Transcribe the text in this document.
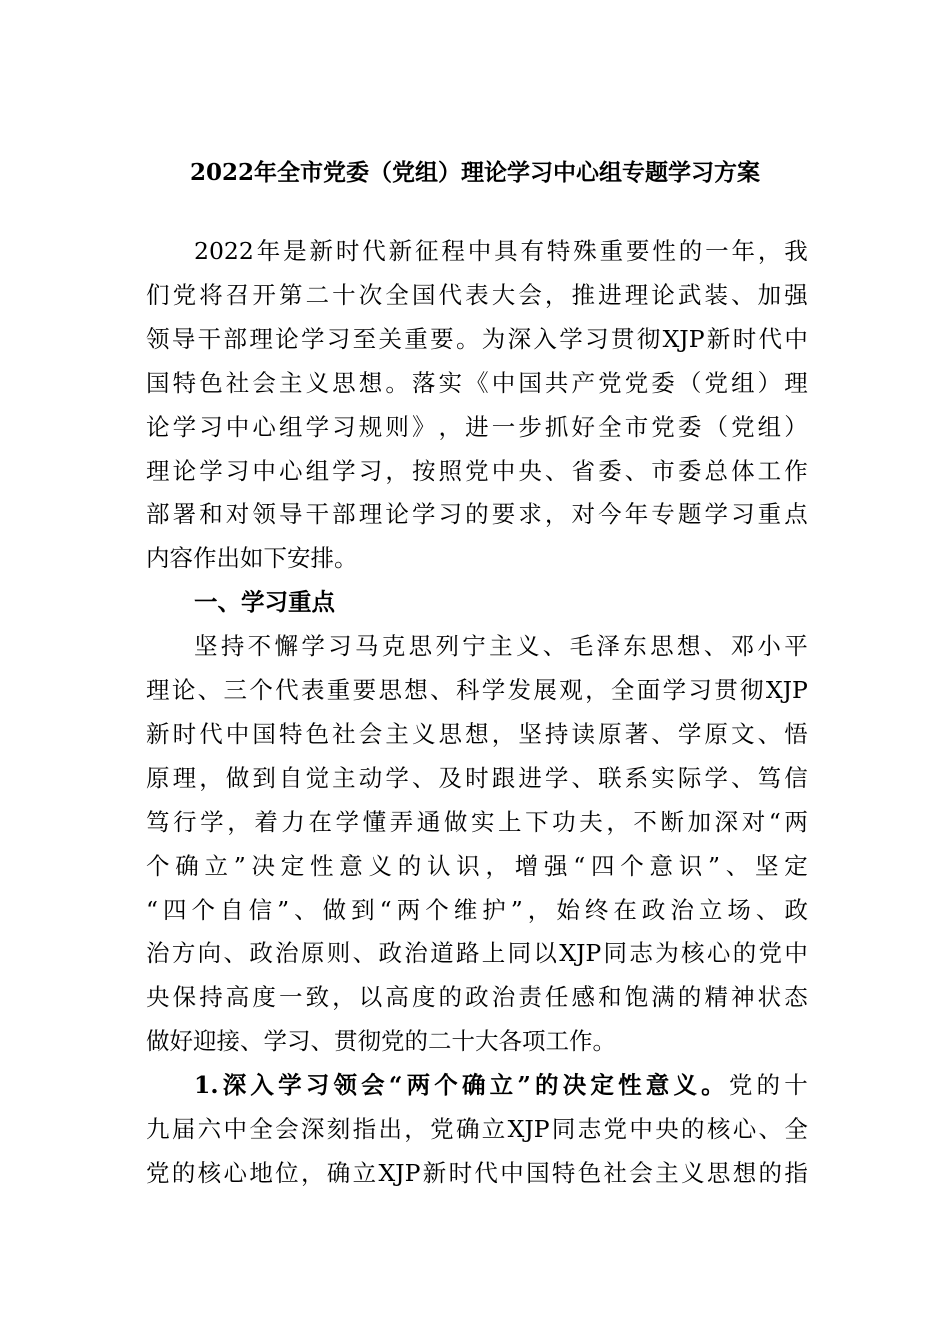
2022年全市党委（党组）理论学习中心组专题学习方案
2022 年 是 新 时 代 新 征 程 中 具 有 特 殊 重 要 性 的 一 年 ， 我
们 党 将 召 开 第 二 十 次 全 国 代 表 大 会 ， 推 进 理 论 武 装 、 加 强
领 导 干 部 理 论 学 习 至 关 重 要 。 为 深 入 学 习 贯 彻 XJP 新 时 代 中
国 特 色 社 会 主 义 思 想 。 落 实 《 中 国 共 产 党 党 委 （ 党 组 ） 理
论 学 习 中 心 组 学 习 规 则 》 ， 进 一 步 抓 好 全 市 党 委 （ 党 组 ）
理 论 学 习 中 心 组 学 习 ， 按 照 党 中 央 、 省 委 、 市 委 总 体 工 作
部 署 和 对 领 导 干 部 理 论 学 习 的 要 求 ， 对 今 年 专 题 学 习 重 点
内容作出如下安排。
一、学习重点
坚 持 不 懈 学 习 马 克 思 列 宁 主 义 、 毛 泽 东 思 想 、 邓 小 平
理 论 、 三 个 代 表 重 要 思 想 、 科 学 发 展 观 ， 全 面 学 习 贯 彻 XJP
新 时 代 中 国 特 色 社 会 主 义 思 想 ， 坚 持 读 原 著 、 学 原 文 、 悟
原 理 ， 做 到 自 觉 主 动 学 、 及 时 跟 进 学 、 联 系 实 际 学 、 笃 信
笃 行 学 ， 着 力 在 学 懂 弄 通 做 实 上 下 功 夫 ， 不 断 加 深 对 “ 两
个 确 立 ” 决 定 性 意 义 的 认 识 ， 增 强 “ 四 个 意 识 ” 、 坚 定
“ 四 个 自 信 ” 、 做 到 “ 两 个 维 护 ” ， 始 终 在 政 治 立 场 、 政
治 方 向 、 政 治 原 则 、 政 治 道 路 上 同 以 XJP 同 志 为 核 心 的 党 中
央 保 持 高 度 一 致 ， 以 高 度 的 政 治 责 任 感 和 饱 满 的 精 神 状 态
做好迎接、学习、贯彻党的二十大各项工作。
1. 深 入 学 习 领 会 “ 两 个 确 立 ” 的 决 定 性 意 义 。 党 的 十
九 届 六 中 全 会 深 刻 指 出 ， 党 确 立 XJP 同 志 党 中 央 的 核 心 、 全
党 的 核 心 地 位 ， 确 立 XJP 新 时 代 中 国 特 色 社 会 主 义 思 想 的 指
